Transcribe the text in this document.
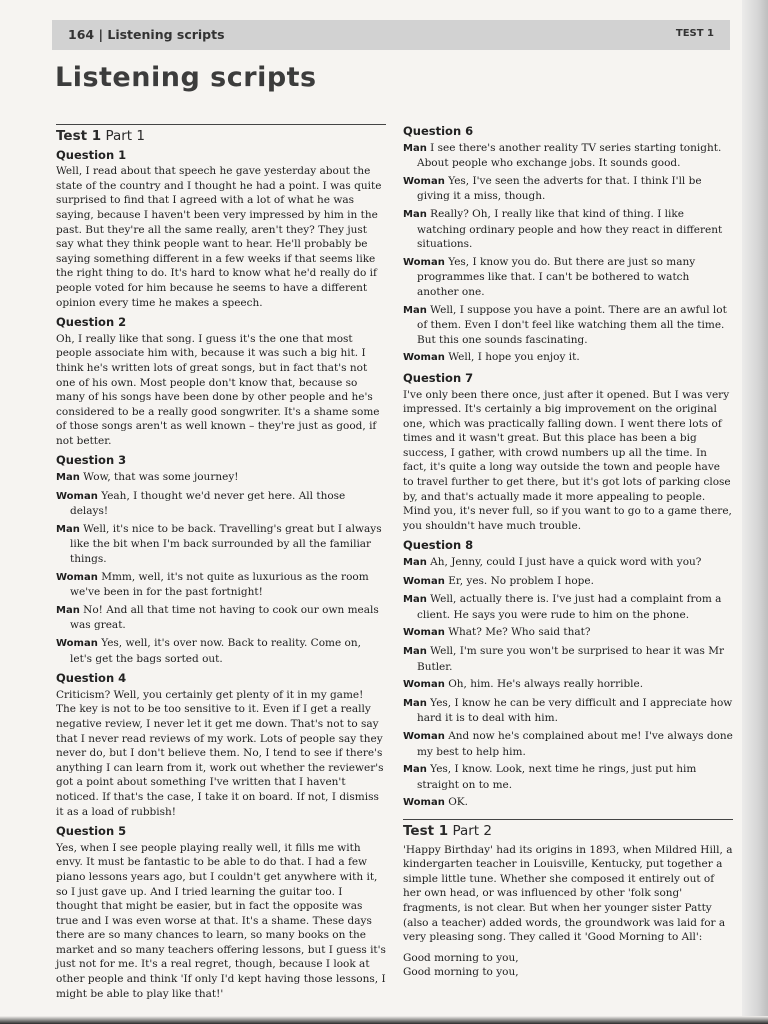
164 | Listening scripts	TEST 1
Listening scripts
Test 1 Part 1
Question 1

Well, I read about that speech he gave yesterday about the state of the country and I thought he had a point. I was quite surprised to find that I agreed with a lot of what he was saying, because I haven't been very impressed by him in the past. But they're all the same really, aren't they? They just say what they think people want to hear. He'll probably be saying something different in a few weeks if that seems like the right thing to do. It's hard to know what he'd really do if people voted for him because he seems to have a different opinion every time he makes a speech.

Question 2

Oh, I really like that song. I guess it's the one that most people associate him with, because it was such a big hit. I think he's written lots of great songs, but in fact that's not one of his own. Most people don't know that, because so many of his songs have been done by other people and he's considered to be a really good songwriter. It's a shame some of those songs aren't as well known – they're just as good, if not better.

Question 3

Man Wow, that was some journey!

Woman Yeah, I thought we'd never get here. All those delays!

Man Well, it's nice to be back. Travelling's great but I always like the bit when I'm back surrounded by all the familiar things.

Woman Mmm, well, it's not quite as luxurious as the room we've been in for the past fortnight!

Man No! And all that time not having to cook our own meals was great.

Woman Yes, well, it's over now. Back to reality. Come on, let's get the bags sorted out.

Question 4

Criticism? Well, you certainly get plenty of it in my game! The key is not to be too sensitive to it. Even if I get a really negative review, I never let it get me down. That's not to say that I never read reviews of my work. Lots of people say they never do, but I don't believe them. No, I tend to see if there's anything I can learn from it, work out whether the reviewer's got a point about something I've written that I haven't noticed. If that's the case, I take it on board. If not, I dismiss it as a load of rubbish!

Question 5

Yes, when I see people playing really well, it fills me with envy. It must be fantastic to be able to do that. I had a few piano lessons years ago, but I couldn't get anywhere with it, so I just gave up. And I tried learning the guitar too. I thought that might be easier, but in fact the opposite was true and I was even worse at that. It's a shame. These days there are so many chances to learn, so many books on the market and so many teachers offering lessons, but I guess it's just not for me. It's a real regret, though, because I look at other people and think 'If only I'd kept having those lessons, I might be able to play like that!'

Question 6

Man I see there's another reality TV series starting tonight. About people who exchange jobs. It sounds good.

Woman Yes, I've seen the adverts for that. I think I'll be giving it a miss, though.

Man Really? Oh, I really like that kind of thing. I like watching ordinary people and how they react in different situations.

Woman Yes, I know you do. But there are just so many programmes like that. I can't be bothered to watch another one.

Man Well, I suppose you have a point. There are an awful lot of them. Even I don't feel like watching them all the time. But this one sounds fascinating.

Woman Well, I hope you enjoy it.

Question 7

I've only been there once, just after it opened. But I was very impressed. It's certainly a big improvement on the original one, which was practically falling down. I went there lots of times and it wasn't great. But this place has been a big success, I gather, with crowd numbers up all the time. In fact, it's quite a long way outside the town and people have to travel further to get there, but it's got lots of parking close by, and that's actually made it more appealing to people. Mind you, it's never full, so if you want to go to a game there, you shouldn't have much trouble.

Question 8

Man Ah, Jenny, could I just have a quick word with you?

Woman Er, yes. No problem I hope.

Man Well, actually there is. I've just had a complaint from a client. He says you were rude to him on the phone.

Woman What? Me? Who said that?

Man Well, I'm sure you won't be surprised to hear it was Mr Butler.

Woman Oh, him. He's always really horrible.

Man Yes, I know he can be very difficult and I appreciate how hard it is to deal with him.

Woman And now he's complained about me! I've always done my best to help him.

Man Yes, I know. Look, next time he rings, just put him straight on to me.

Woman OK.

Test 1 Part 2

'Happy Birthday' had its origins in 1893, when Mildred Hill, a kindergarten teacher in Louisville, Kentucky, put together a simple little tune. Whether she composed it entirely out of her own head, or was influenced by other 'folk song' fragments, is not clear. But when her younger sister Patty (also a teacher) added words, the groundwork was laid for a very pleasing song. They called it 'Good Morning to All':

Good morning to you,
Good morning to you,
